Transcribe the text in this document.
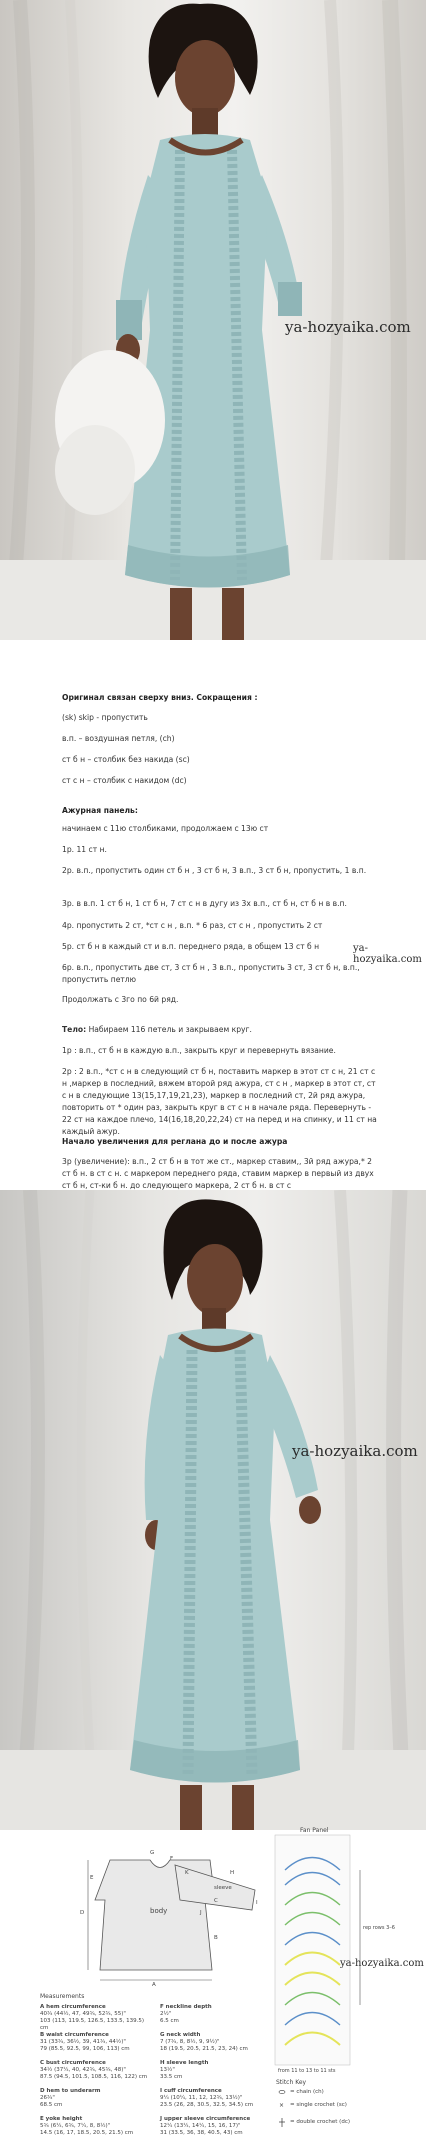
ya-hozyaika.com
Оригинал связан сверху вниз. Сокращения :
(sk) skip - пропустить
в.п. – воздушная петля, (ch)
ст б н – столбик без накида (sc)
ст с н – столбик с накидом (dc)
Ажурная панель:
начинаем с 11ю столбиками, продолжаем с 13ю ст
1р. 11 ст н.
2р. в.п., пропустить один ст б н , 3 ст б н, 3 в.п., 3 ст б н, пропустить, 1 в.п.
3р. в в.п. 1 ст б н, 1 ст б н, 7 ст с н в дугу из 3х в.п., ст б н, ст б н в в.п.
4р. пропустить 2 ст, *ст с н , в.п. * 6 раз, ст с н , пропустить 2 ст
5р. ст б н в каждый ст и в.п. переднего ряда, в общем 13 ст б н
6р. в.п., пропустить две ст, 3 ст б н , 3 в.п., пропустить 3 ст, 3 ст б н, в.п., пропустить петлю
Продолжать с 3го по 6й ряд.
ya-hozyaika.com
Тело: Набираем 116 петель и закрываем круг.
1р : в.п., ст б н в каждую в.п., закрыть круг и перевернуть вязание.
2р : 2 в.п., *ст с н в следующий ст б н, поставить маркер в этот ст с н, 21 ст с н ,маркер в последний, вяжем второй ряд ажура, ст с н , маркер в этот ст, ст с н в следующие 13(15,17,19,21,23), маркер в последний ст, 2й ряд ажура, повторить от * один раз, закрыть круг в ст с н в начале ряда. Перевернуть - 22 ст на каждое плечо, 14(16,18,20,22,24) ст на перед и на спинку, и 11 ст на каждый ажур.
Начало увеличения для реглана до и после ажура
3р (увеличение): в.п., 2 ст б н в тот же ст., маркер ставим,, 3й ряд ажура,* 2 ст б н. в ст с н. с маркером переднего ряда, ставим маркер в первый из двух ст б н, ст-ки б н. до следующего маркера, 2 ст б н. в ст с
ya-hozyaika.com
×
body
sleeve
Fan Panel
rep rows 3–6
from 11 to 13 to 11 sts
Stitch Key
= chain (ch)
= single crochet (sc)
= double crochet (dc)
D
E
G
A
B
C
F
H
I
J
K
Measurements
A hem circumference
40¾ (44½, 47, 49¾, 52¾, 55)"
103 (113, 119.5, 126.5, 133.5, 139.5) cm
B waist circumference
31 (33¾, 36½, 39, 41¾, 44½)"
79 (85.5, 92.5, 99, 106, 113) cm
C bust circumference
34½ (37¼, 40, 42¾, 45¾, 48)"
87.5 (94.5, 101.5, 108.5, 116, 122) cm
D hem to underarm
26¾"
68.5 cm
E yoke height
5¾ (6¼, 6¾, 7¼, 8, 8½)"
14.5 (16, 17, 18.5, 20.5, 21.5) cm
F neckline depth
2½"
6.5 cm
G neck width
7 (7¾, 8, 8½, 9, 9½)"
18 (19.5, 20.5, 21.5, 23, 24) cm
H sleeve length
13½"
33.5 cm
I cuff circumference
9¼ (10¼, 11, 12, 12¾, 13½)"
23.5 (26, 28, 30.5, 32.5, 34.5) cm
J upper sleeve circumference
12¼ (13¼, 14¼, 15, 16, 17)"
31 (33.5, 36, 38, 40.5, 43) cm
ya-hozyaika.com
